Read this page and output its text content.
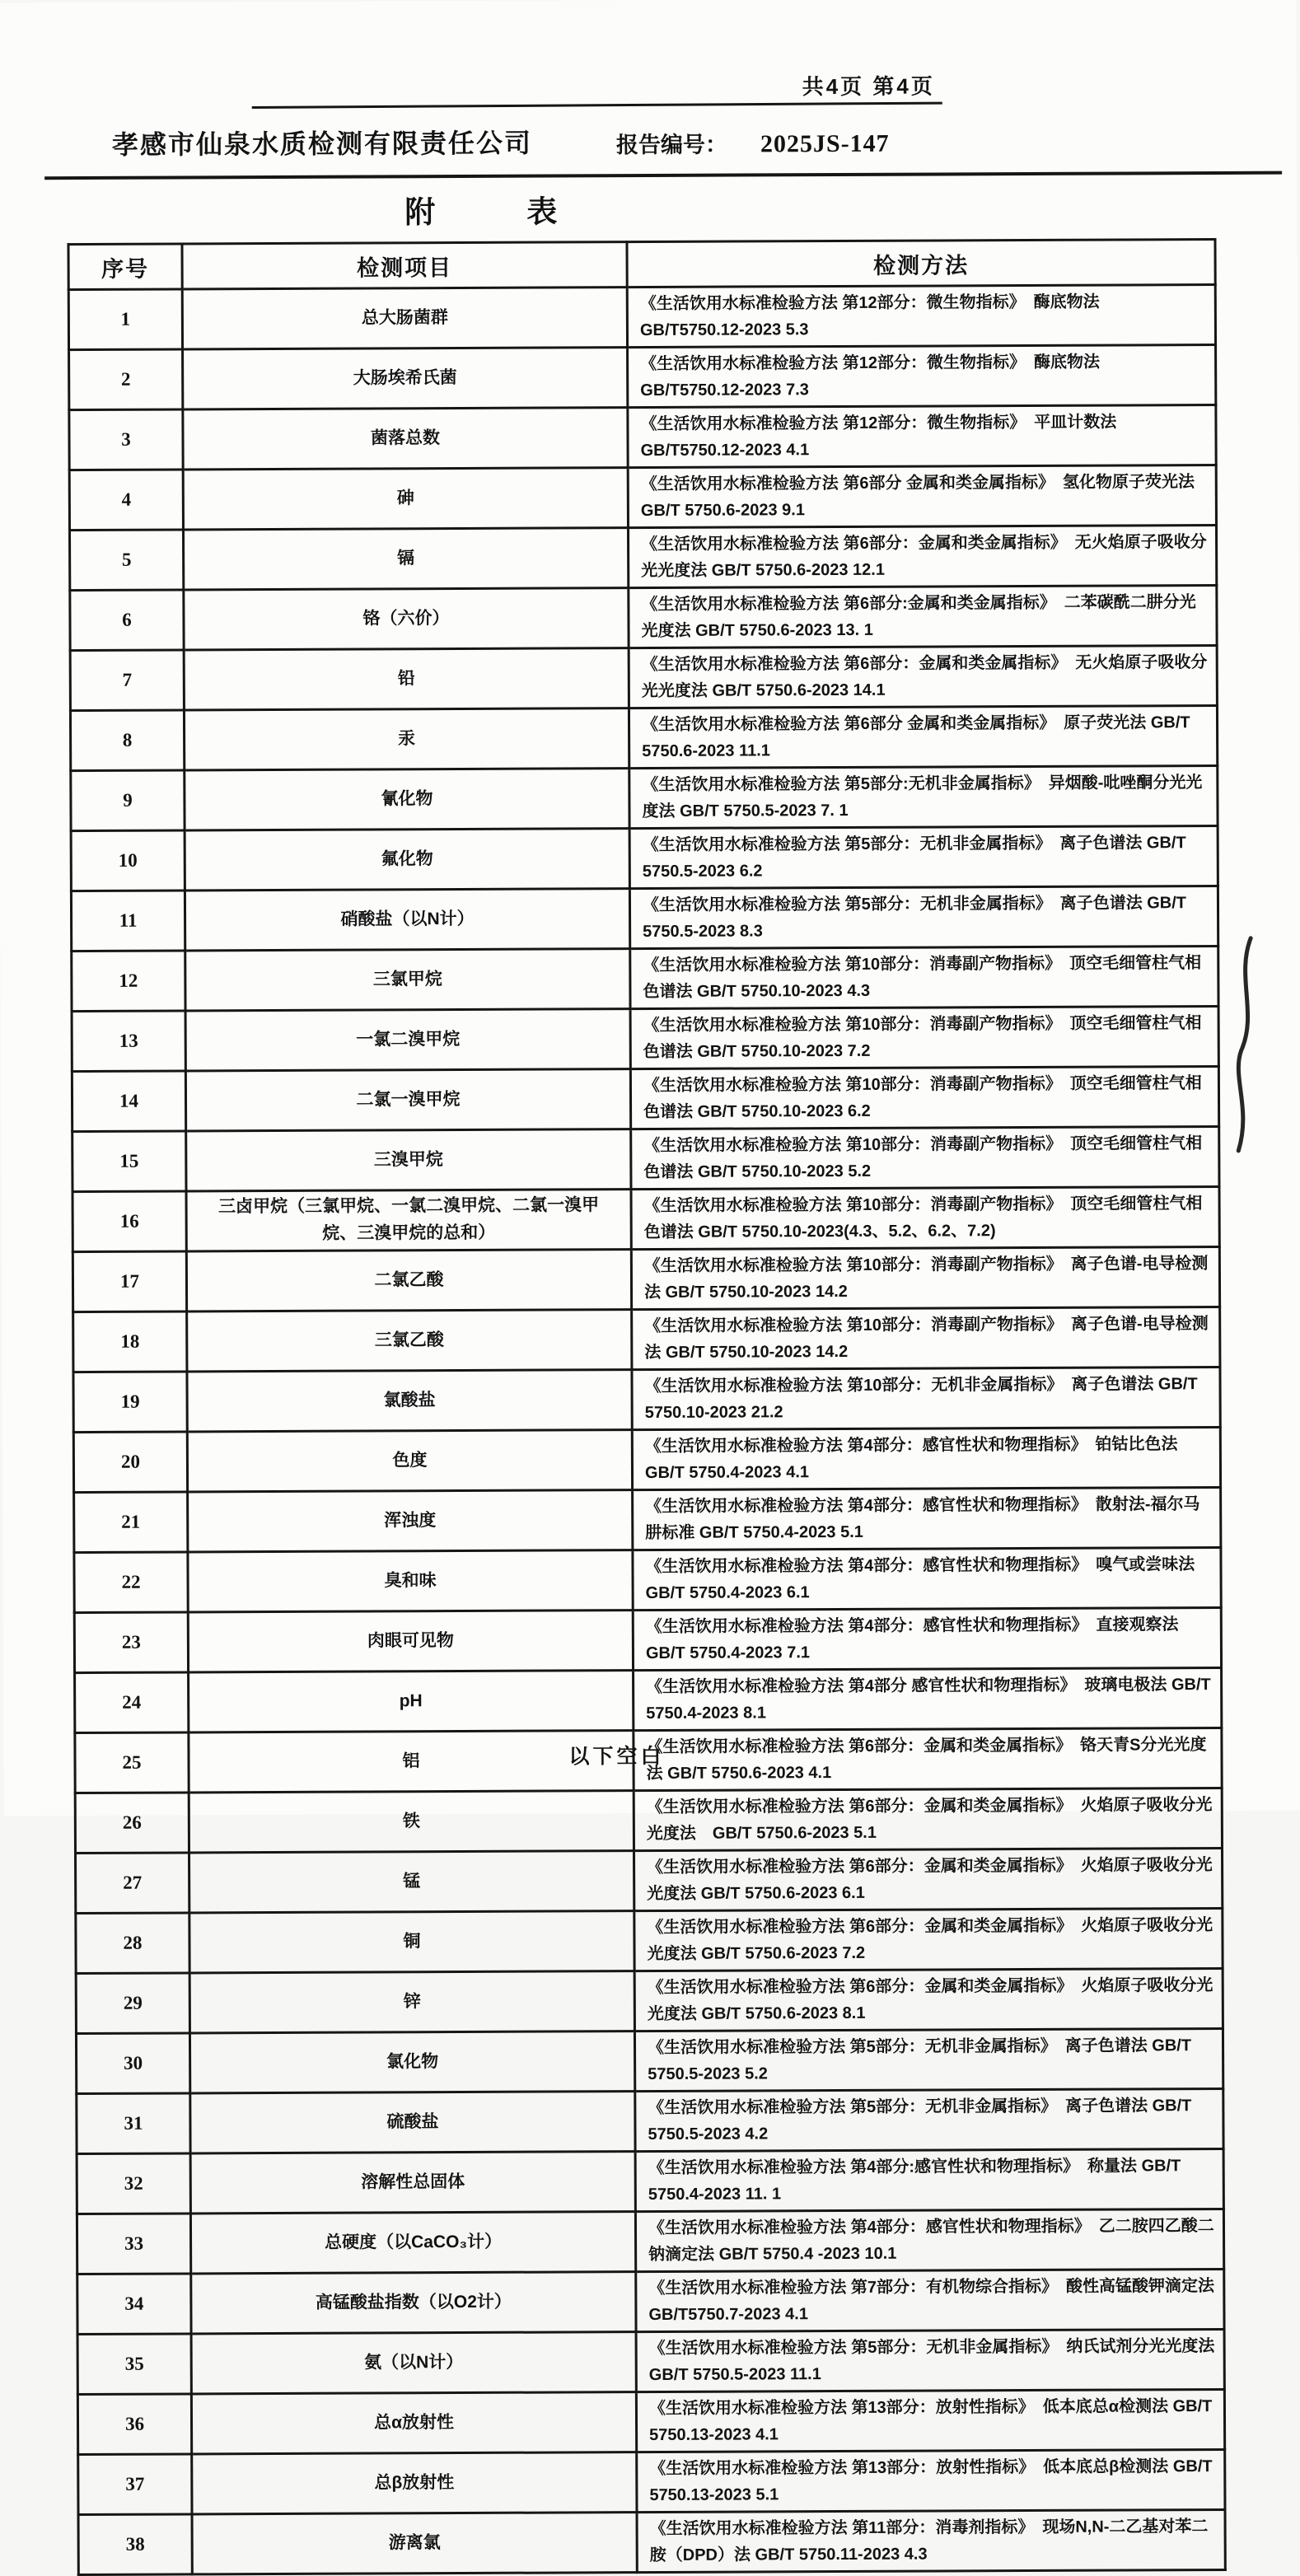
共4页 第4页
孝感市仙泉水质检测有限责任公司	报告编号： 2025JS-147
附　　　表
序号	检测项目	检测方法
1	总大肠菌群	《生活饮用水标准检验方法 第12部分：微生物指标》　酶底物法 GB/T5750.12-2023 5.3
2	大肠埃希氏菌	《生活饮用水标准检验方法 第12部分：微生物指标》　酶底物法 GB/T5750.12-2023 7.3
3	菌落总数	《生活饮用水标准检验方法 第12部分：微生物指标》　平皿计数法 GB/T5750.12-2023 4.1
4	砷	《生活饮用水标准检验方法 第6部分 金属和类金属指标》　氢化物原子荧光法 GB/T 5750.6-2023 9.1
5	镉	《生活饮用水标准检验方法 第6部分：金属和类金属指标》　无火焰原子吸收分光光度法 GB/T 5750.6-2023 12.1
6	铬（六价）	《生活饮用水标准检验方法 第6部分:金属和类金属指标》　二苯碳酰二肼分光光度法 GB/T 5750.6-2023 13. 1
7	铅	《生活饮用水标准检验方法 第6部分：金属和类金属指标》　无火焰原子吸收分光光度法 GB/T 5750.6-2023 14.1
8	汞	《生活饮用水标准检验方法 第6部分 金属和类金属指标》　原子荧光法 GB/T 5750.6-2023 11.1
9	氰化物	《生活饮用水标准检验方法 第5部分:无机非金属指标》　异烟酸-吡唑酮分光光度法 GB/T 5750.5-2023 7. 1
10	氟化物	《生活饮用水标准检验方法 第5部分：无机非金属指标》　离子色谱法 GB/T 5750.5-2023 6.2
11	硝酸盐（以N计）	《生活饮用水标准检验方法 第5部分：无机非金属指标》　离子色谱法 GB/T 5750.5-2023 8.3
12	三氯甲烷	《生活饮用水标准检验方法 第10部分：消毒副产物指标》　顶空毛细管柱气相色谱法 GB/T 5750.10-2023 4.3
13	一氯二溴甲烷	《生活饮用水标准检验方法 第10部分：消毒副产物指标》　顶空毛细管柱气相色谱法 GB/T 5750.10-2023 7.2
14	二氯一溴甲烷	《生活饮用水标准检验方法 第10部分：消毒副产物指标》　顶空毛细管柱气相色谱法 GB/T 5750.10-2023 6.2
15	三溴甲烷	《生活饮用水标准检验方法 第10部分：消毒副产物指标》　顶空毛细管柱气相色谱法 GB/T 5750.10-2023 5.2
16	三卤甲烷（三氯甲烷、一氯二溴甲烷、二氯一溴甲烷、三溴甲烷的总和）	《生活饮用水标准检验方法 第10部分：消毒副产物指标》　顶空毛细管柱气相色谱法 GB/T 5750.10-2023(4.3、5.2、6.2、7.2)
17	二氯乙酸	《生活饮用水标准检验方法 第10部分：消毒副产物指标》　离子色谱-电导检测法 GB/T 5750.10-2023 14.2
18	三氯乙酸	《生活饮用水标准检验方法 第10部分：消毒副产物指标》　离子色谱-电导检测法 GB/T 5750.10-2023 14.2
19	氯酸盐	《生活饮用水标准检验方法 第10部分：无机非金属指标》　离子色谱法 GB/T 5750.10-2023 21.2
20	色度	《生活饮用水标准检验方法 第4部分：感官性状和物理指标》　铂钴比色法 GB/T 5750.4-2023 4.1
21	浑浊度	《生活饮用水标准检验方法 第4部分：感官性状和物理指标》　散射法-福尔马肼标准 GB/T 5750.4-2023 5.1
22	臭和味	《生活饮用水标准检验方法 第4部分：感官性状和物理指标》　嗅气或尝味法 GB/T 5750.4-2023 6.1
23	肉眼可见物	《生活饮用水标准检验方法 第4部分：感官性状和物理指标》　直接观察法 GB/T 5750.4-2023 7.1
24	pH	《生活饮用水标准检验方法 第4部分 感官性状和物理指标》　玻璃电极法 GB/T 5750.4-2023 8.1
25	铝	《生活饮用水标准检验方法 第6部分：金属和类金属指标》　铬天青S分光光度法 GB/T 5750.6-2023 4.1
26	铁	《生活饮用水标准检验方法 第6部分：金属和类金属指标》　火焰原子吸收分光光度法　GB/T 5750.6-2023 5.1
27	锰	《生活饮用水标准检验方法 第6部分：金属和类金属指标》　火焰原子吸收分光光度法 GB/T 5750.6-2023 6.1
28	铜	《生活饮用水标准检验方法 第6部分：金属和类金属指标》　火焰原子吸收分光光度法 GB/T 5750.6-2023 7.2
29	锌	《生活饮用水标准检验方法 第6部分：金属和类金属指标》　火焰原子吸收分光光度法 GB/T 5750.6-2023 8.1
30	氯化物	《生活饮用水标准检验方法 第5部分：无机非金属指标》　离子色谱法 GB/T 5750.5-2023 5.2
31	硫酸盐	《生活饮用水标准检验方法 第5部分：无机非金属指标》　离子色谱法 GB/T 5750.5-2023 4.2
32	溶解性总固体	《生活饮用水标准检验方法 第4部分:感官性状和物理指标》　称量法 GB/T 5750.4-2023 11. 1
33	总硬度（以CaCO₃计）	《生活饮用水标准检验方法 第4部分：感官性状和物理指标》　乙二胺四乙酸二钠滴定法 GB/T 5750.4 -2023 10.1
34	高锰酸盐指数（以O2计）	《生活饮用水标准检验方法 第7部分：有机物综合指标》　酸性高锰酸钾滴定法 GB/T5750.7-2023 4.1
35	氨（以N计）	《生活饮用水标准检验方法 第5部分：无机非金属指标》　纳氏试剂分光光度法 GB/T 5750.5-2023 11.1
36	总α放射性	《生活饮用水标准检验方法 第13部分：放射性指标》　低本底总α检测法 GB/T 5750.13-2023 4.1
37	总β放射性	《生活饮用水标准检验方法 第13部分：放射性指标》　低本底总β检测法 GB/T 5750.13-2023 5.1
38	游离氯	《生活饮用水标准检验方法 第11部分：消毒剂指标》　现场N,N-二乙基对苯二胺（DPD）法 GB/T 5750.11-2023 4.3
以下空白
